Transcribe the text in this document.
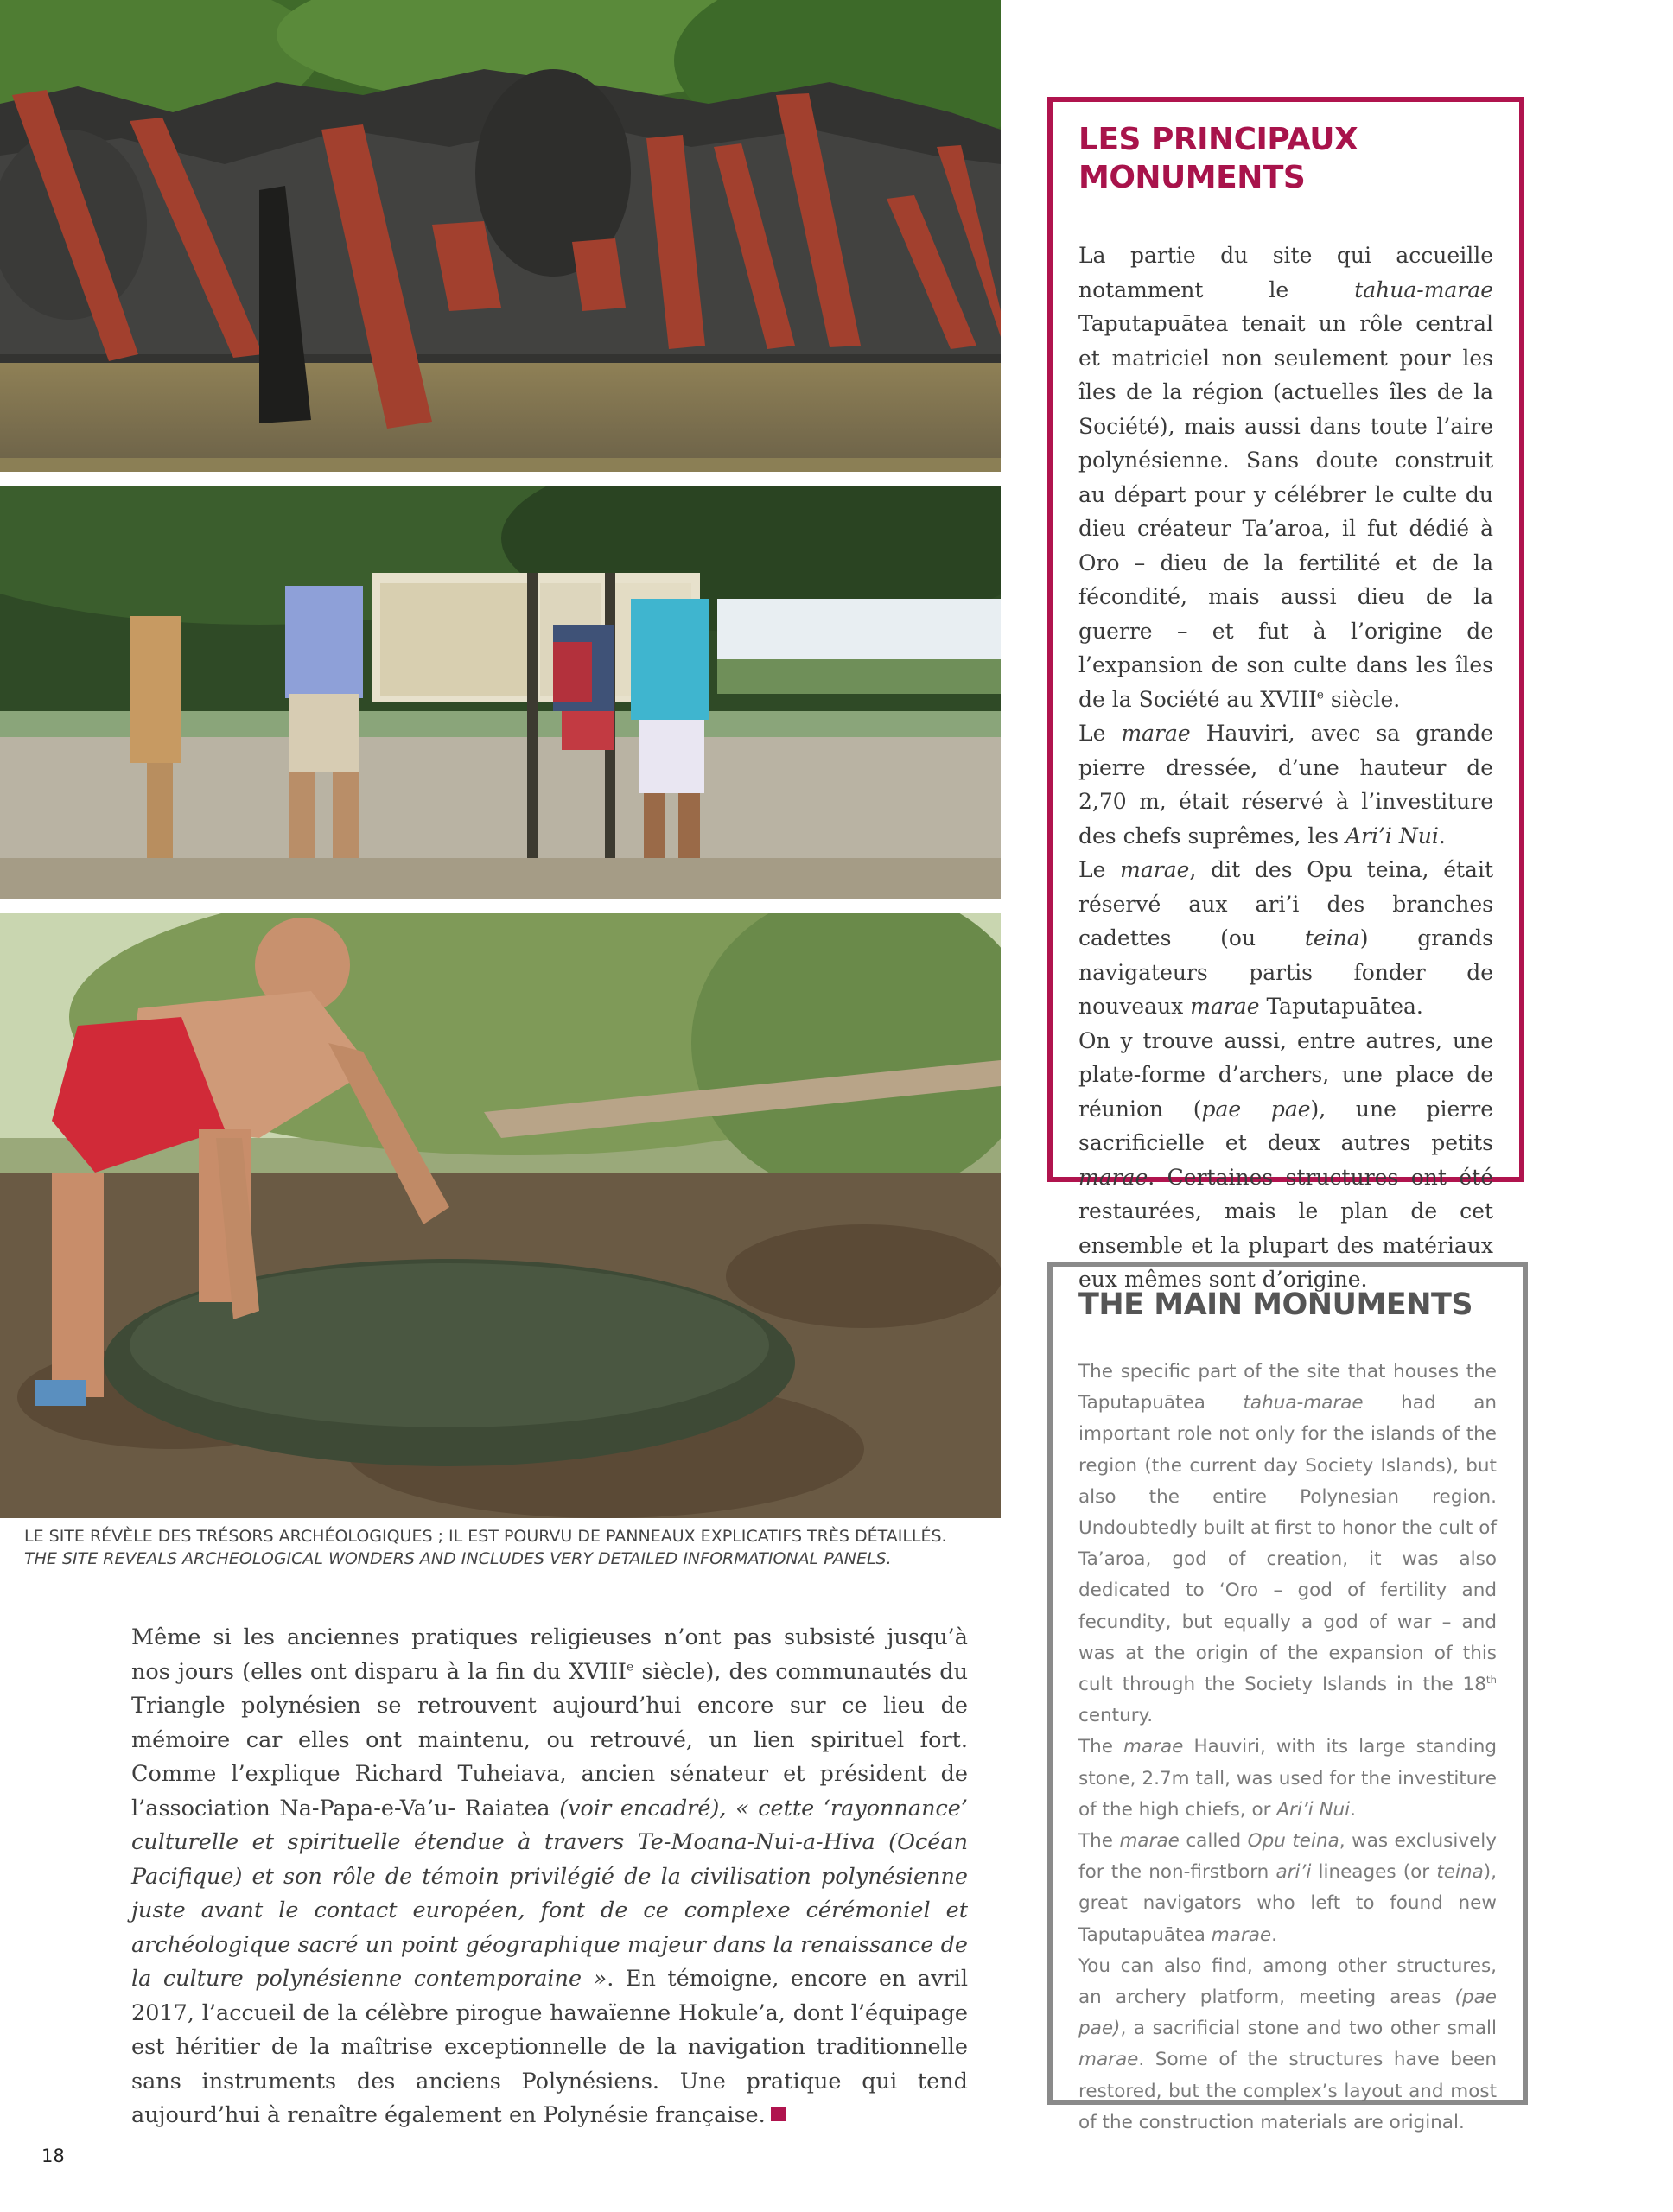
LE SITE RÉVÈLE DES TRÉSORS ARCHÉOLOGIQUES ; IL EST POURVU DE PANNEAUX EXPLICATIFS TRÈS DÉTAILLÉS.
THE SITE REVEALS ARCHEOLOGICAL WONDERS AND INCLUDES VERY DETAILED INFORMATIONAL PANELS.

Même si les anciennes pratiques religieuses n’ont pas subsisté jusqu’à nos jours (elles ont disparu à la fin du XVIIIe siècle), des communautés du Triangle polynésien se retrouvent aujourd’hui encore sur ce lieu de mémoire car elles ont maintenu, ou retrouvé, un lien spirituel fort. Comme l’explique Richard Tuheiava, ancien sénateur et président de l’association Na-Papa-e-Va’u- Raiatea (voir encadré), « cette ‘rayonnance’ culturelle et spirituelle étendue à travers Te-Moana-Nui-a-Hiva (Océan Pacifique) et son rôle de témoin privilégié de la civilisation polynésienne juste avant le contact européen, font de ce complexe cérémoniel et archéologique sacré un point géographique majeur dans la renaissance de la culture polynésienne contemporaine ». En témoigne, encore en avril 2017, l’accueil de la célèbre pirogue hawaïenne Hokule’a, dont l’équipage est héritier de la maîtrise exceptionnelle de la navigation traditionnelle sans instruments des anciens Polynésiens. Une pratique qui tend aujourd’hui à renaître également en Polynésie française.

LES PRINCIPAUX MONUMENTS

La partie du site qui accueille notamment le tahua-marae Taputapuātea tenait un rôle central et matriciel non seulement pour les îles de la région (actuelles îles de la Société), mais aussi dans toute l’aire polynésienne. Sans doute construit au départ pour y célébrer le culte du dieu créateur Ta’aroa, il fut dédié à Oro – dieu de la fertilité et de la fécondité, mais aussi dieu de la guerre – et fut à l’origine de l’expansion de son culte dans les îles de la Société au XVIIIe siècle.

Le marae Hauviri, avec sa grande pierre dressée, d’une hauteur de 2,70 m, était réservé à l’investiture des chefs suprêmes, les Ari’i Nui.

Le marae, dit des Opu teina, était réservé aux ari’i des branches cadettes (ou teina) grands navigateurs partis fonder de nouveaux marae Taputapuātea.

On y trouve aussi, entre autres, une plate-forme d’archers, une place de réunion (pae pae), une pierre sacrificielle et deux autres petits marae. Certaines structures ont été restaurées, mais le plan de cet ensemble et la plupart des matériaux eux mêmes sont d’origine.

THE MAIN MONUMENTS

The specific part of the site that houses the Taputapuātea tahua-marae had an important role not only for the islands of the region (the current day Society Islands), but also the entire Polynesian region. Undoubtedly built at first to honor the cult of Ta’aroa, god of creation, it was also dedicated to ‘Oro – god of fertility and fecundity, but equally a god of war – and was at the origin of the expansion of this cult through the Society Islands in the 18th century.

The marae Hauviri, with its large standing stone, 2.7m tall, was used for the investiture of the high chiefs, or Ari’i Nui.

The marae called Opu teina, was exclusively for the non-firstborn ari’i lineages (or teina), great navigators who left to found new Taputapuātea marae.

You can also find, among other structures, an archery platform, meeting areas (pae pae), a sacrificial stone and two other small marae. Some of the structures have been restored, but the complex’s layout and most of the construction materials are original.

18
